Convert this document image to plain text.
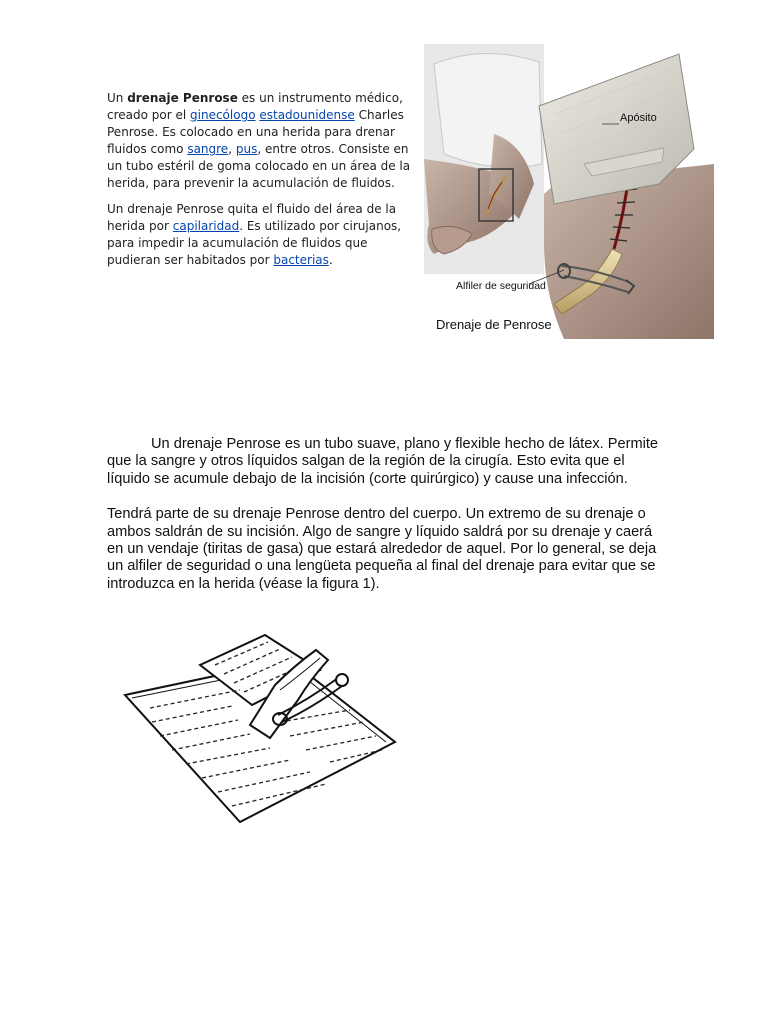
Un drenaje Penrose es un instrumento médico, creado por el ginecólogo estadounidense Charles Penrose. Es colocado en una herida para drenar fluidos como sangre, pus, entre otros. Consiste en un tubo estéril de goma colocado en un área de la herida, para prevenir la acumulación de fluidos.

Un drenaje Penrose quita el fluido del área de la herida por capilaridad. Es utilizado por cirujanos, para impedir la acumulación de fluidos que pudieran ser habitados por bacterias.

Apósito
Alfiler de seguridad
Drenaje de Penrose

Un drenaje Penrose es un tubo suave, plano y flexible hecho de látex. Permite que la sangre y otros líquidos salgan de la región de la cirugía. Esto evita que el líquido se acumule debajo de la incisión (corte quirúrgico) y cause una infección.

Tendrá parte de su drenaje Penrose dentro del cuerpo. Un extremo de su drenaje o ambos saldrán de su incisión. Algo de sangre y líquido saldrá por su drenaje y caerá en un vendaje (tiritas de gasa) que estará alrededor de aquel. Por lo general, se deja un alfiler de seguridad o una lengüeta pequeña al final del drenaje para evitar que se introduzca en la herida (véase la figura 1).
